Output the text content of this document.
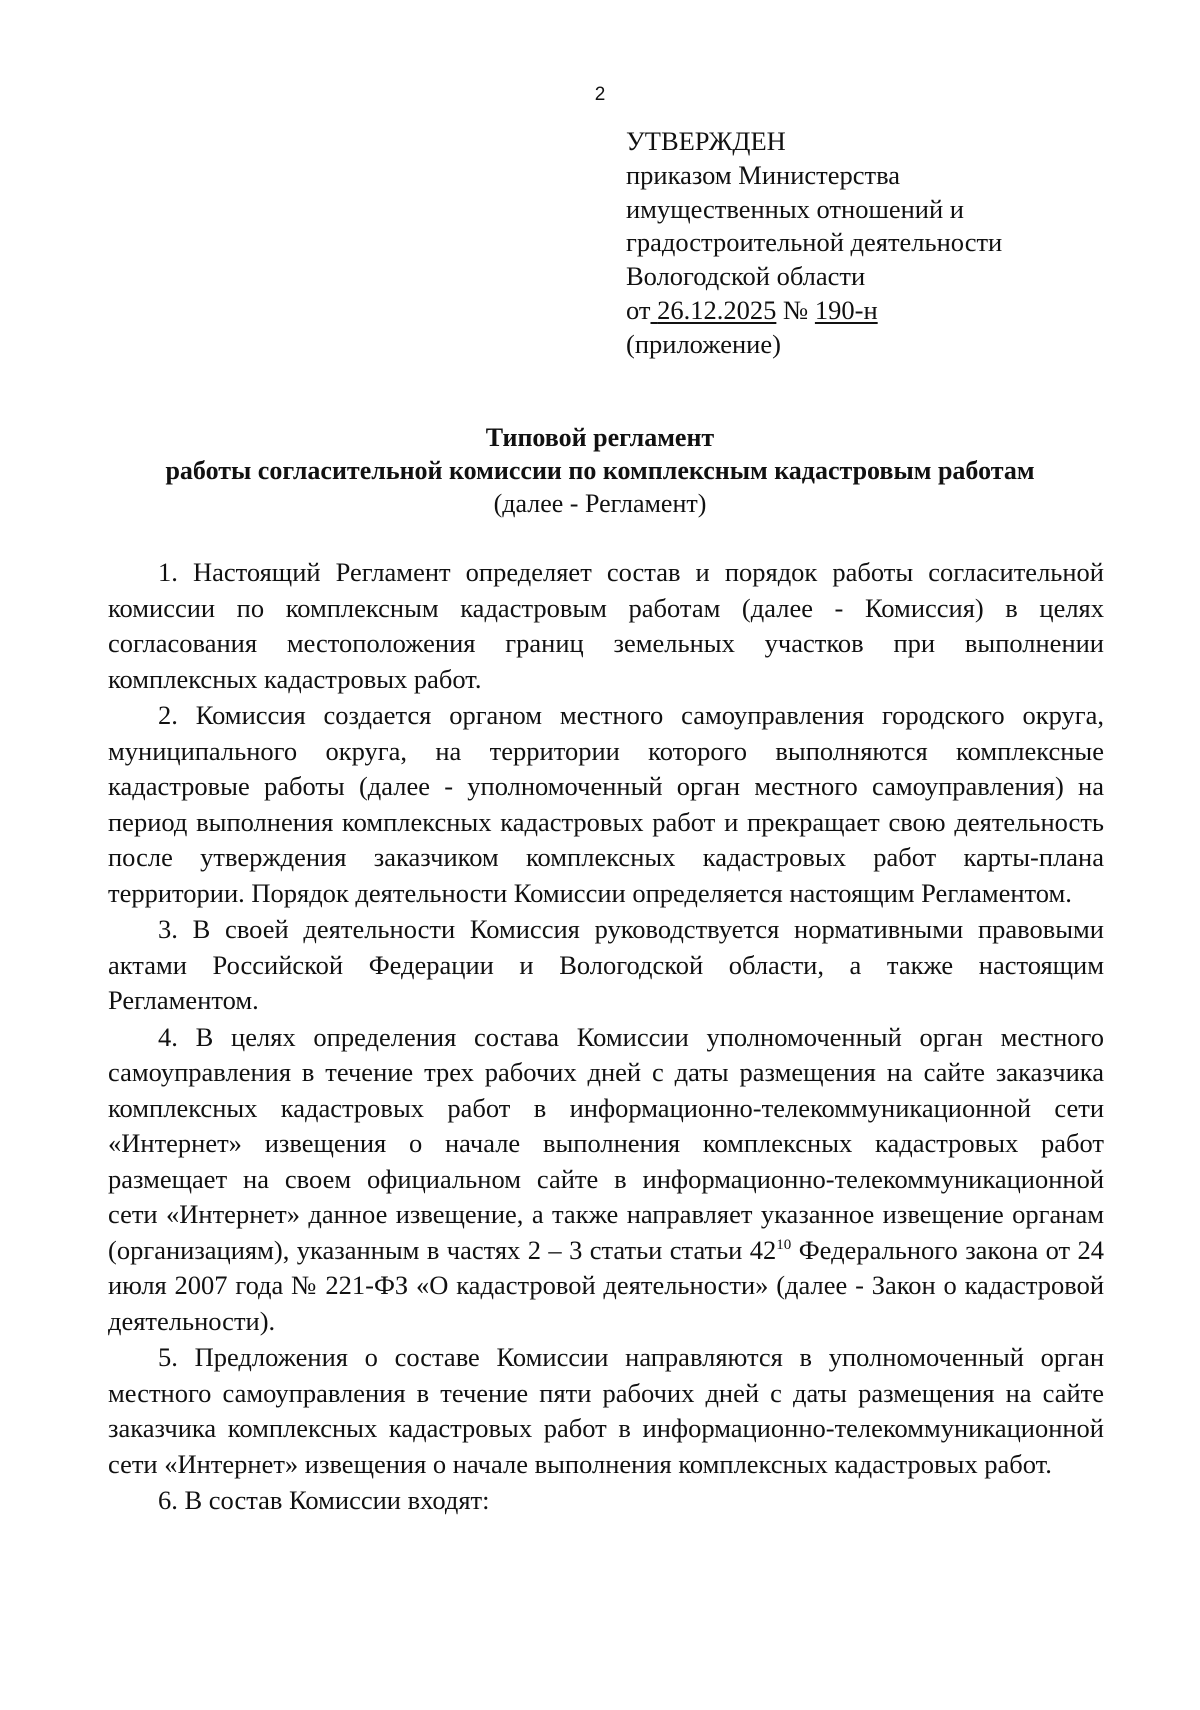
2
УТВЕРЖДЕН
приказом Министерства
имущественных отношений и
градостроительной деятельности
Вологодской области
от 26.12.2025 № 190-н
(приложение)
Типовой регламент
работы согласительной комиссии по комплексным кадастровым работам
(далее - Регламент)

1. Настоящий Регламент определяет состав и порядок работы согласительной комиссии по комплексным кадастровым работам (далее - Комиссия) в целях согласования местоположения границ земельных участков при выполнении комплексных кадастровых работ.

2. Комиссия создается органом местного самоуправления городского округа, муниципального округа, на территории которого выполняются комплексные кадастровые работы (далее - уполномоченный орган местного самоуправления) на период выполнения комплексных кадастровых работ и прекращает свою деятельность после утверждения заказчиком комплексных кадастровых работ карты-плана территории. Порядок деятельности Комиссии определяется настоящим Регламентом.

3. В своей деятельности Комиссия руководствуется нормативными правовыми актами Российской Федерации и Вологодской области, а также настоящим Регламентом.

4. В целях определения состава Комиссии уполномоченный орган местного самоуправления в течение трех рабочих дней с даты размещения на сайте заказчика комплексных кадастровых работ в информационно-телекоммуникационной сети «Интернет» извещения о начале выполнения комплексных кадастровых работ размещает на своем официальном сайте в информационно-телекоммуникационной сети «Интернет» данное извещение, а также направляет указанное извещение органам (организациям), указанным в частях 2 – 3 статьи статьи $42^{10}$ Федерального закона от 24 июля 2007 года № 221-ФЗ «О кадастровой деятельности» (далее - Закон о кадастровой деятельности).

5. Предложения о составе Комиссии направляются в уполномоченный орган местного самоуправления в течение пяти рабочих дней с даты размещения на сайте заказчика комплексных кадастровых работ в информационно-телекоммуникационной сети «Интернет» извещения о начале выполнения комплексных кадастровых работ.

6. В состав Комиссии входят:
